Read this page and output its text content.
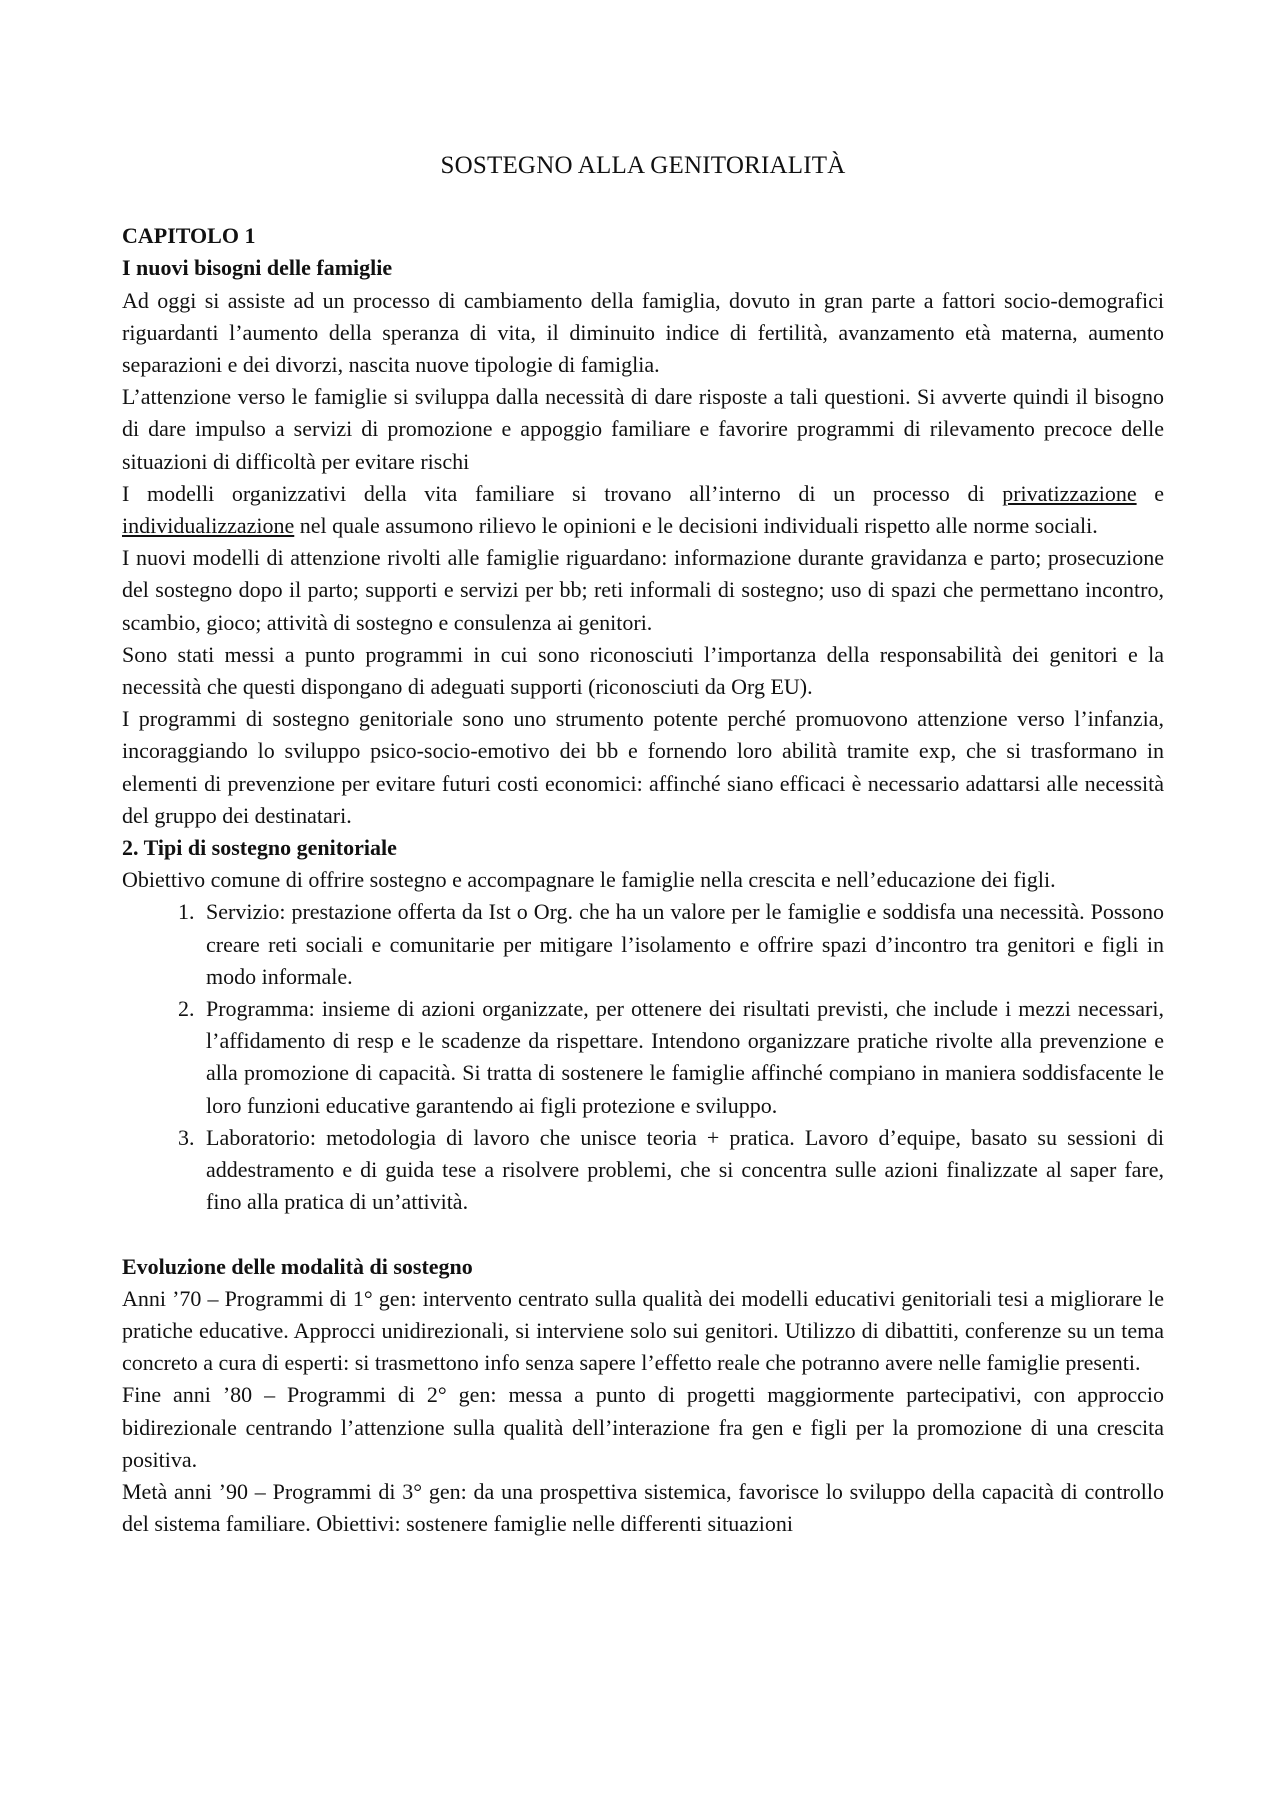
SOSTEGNO ALLA GENITORIALITÀ
CAPITOLO 1
I nuovi bisogni delle famiglie

Ad oggi si assiste ad un processo di cambiamento della famiglia, dovuto in gran parte a fattori socio-demografici riguardanti l’aumento della speranza di vita, il diminuito indice di fertilità, avanzamento età materna, aumento separazioni e dei divorzi, nascita nuove tipologie di famiglia.

L’attenzione verso le famiglie si sviluppa dalla necessità di dare risposte a tali questioni. Si avverte quindi il bisogno di dare impulso a servizi di promozione e appoggio familiare e favorire programmi di rilevamento precoce delle situazioni di difficoltà per evitare rischi

I modelli organizzativi della vita familiare si trovano all’interno di un processo di privatizzazione e individualizzazione nel quale assumono rilievo le opinioni e le decisioni individuali rispetto alle norme sociali.

I nuovi modelli di attenzione rivolti alle famiglie riguardano: informazione durante gravidanza e parto; prosecuzione del sostegno dopo il parto; supporti e servizi per bb; reti informali di sostegno; uso di spazi che permettano incontro, scambio, gioco; attività di sostegno e consulenza ai genitori.

Sono stati messi a punto programmi in cui sono riconosciuti l’importanza della responsabilità dei genitori e la necessità che questi dispongano di adeguati supporti (riconosciuti da Org EU).

I programmi di sostegno genitoriale sono uno strumento potente perché promuovono attenzione verso l’infanzia, incoraggiando lo sviluppo psico-socio-emotivo dei bb e fornendo loro abilità tramite exp, che si trasformano in elementi di prevenzione per evitare futuri costi economici: affinché siano efficaci è necessario adattarsi alle necessità del gruppo dei destinatari.

2. Tipi di sostegno genitoriale

Obiettivo comune di offrire sostegno e accompagnare le famiglie nella crescita e nell’educazione dei figli.

1. Servizio: prestazione offerta da Ist o Org. che ha un valore per le famiglie e soddisfa una necessità. Possono creare reti sociali e comunitarie per mitigare l’isolamento e offrire spazi d’incontro tra genitori e figli in modo informale.
2. Programma: insieme di azioni organizzate, per ottenere dei risultati previsti, che include i mezzi necessari, l’affidamento di resp e le scadenze da rispettare. Intendono organizzare pratiche rivolte alla prevenzione e alla promozione di capacità. Si tratta di sostenere le famiglie affinché compiano in maniera soddisfacente le loro funzioni educative garantendo ai figli protezione e sviluppo.
3. Laboratorio: metodologia di lavoro che unisce teoria + pratica. Lavoro d’equipe, basato su sessioni di addestramento e di guida tese a risolvere problemi, che si concentra sulle azioni finalizzate al saper fare, fino alla pratica di un’attività.
Evoluzione delle modalità di sostegno

Anni ’70 – Programmi di 1° gen: intervento centrato sulla qualità dei modelli educativi genitoriali tesi a migliorare le pratiche educative. Approcci unidirezionali, si interviene solo sui genitori. Utilizzo di dibattiti, conferenze su un tema concreto a cura di esperti: si trasmettono info senza sapere l’effetto reale che potranno avere nelle famiglie presenti.

Fine anni ’80 – Programmi di 2° gen: messa a punto di progetti maggiormente partecipativi, con approccio bidirezionale centrando l’attenzione sulla qualità dell’interazione fra gen e figli per la promozione di una crescita positiva.

Metà anni ’90 – Programmi di 3° gen: da una prospettiva sistemica, favorisce lo sviluppo della capacità di controllo del sistema familiare. Obiettivi: sostenere famiglie nelle differenti situazioni
